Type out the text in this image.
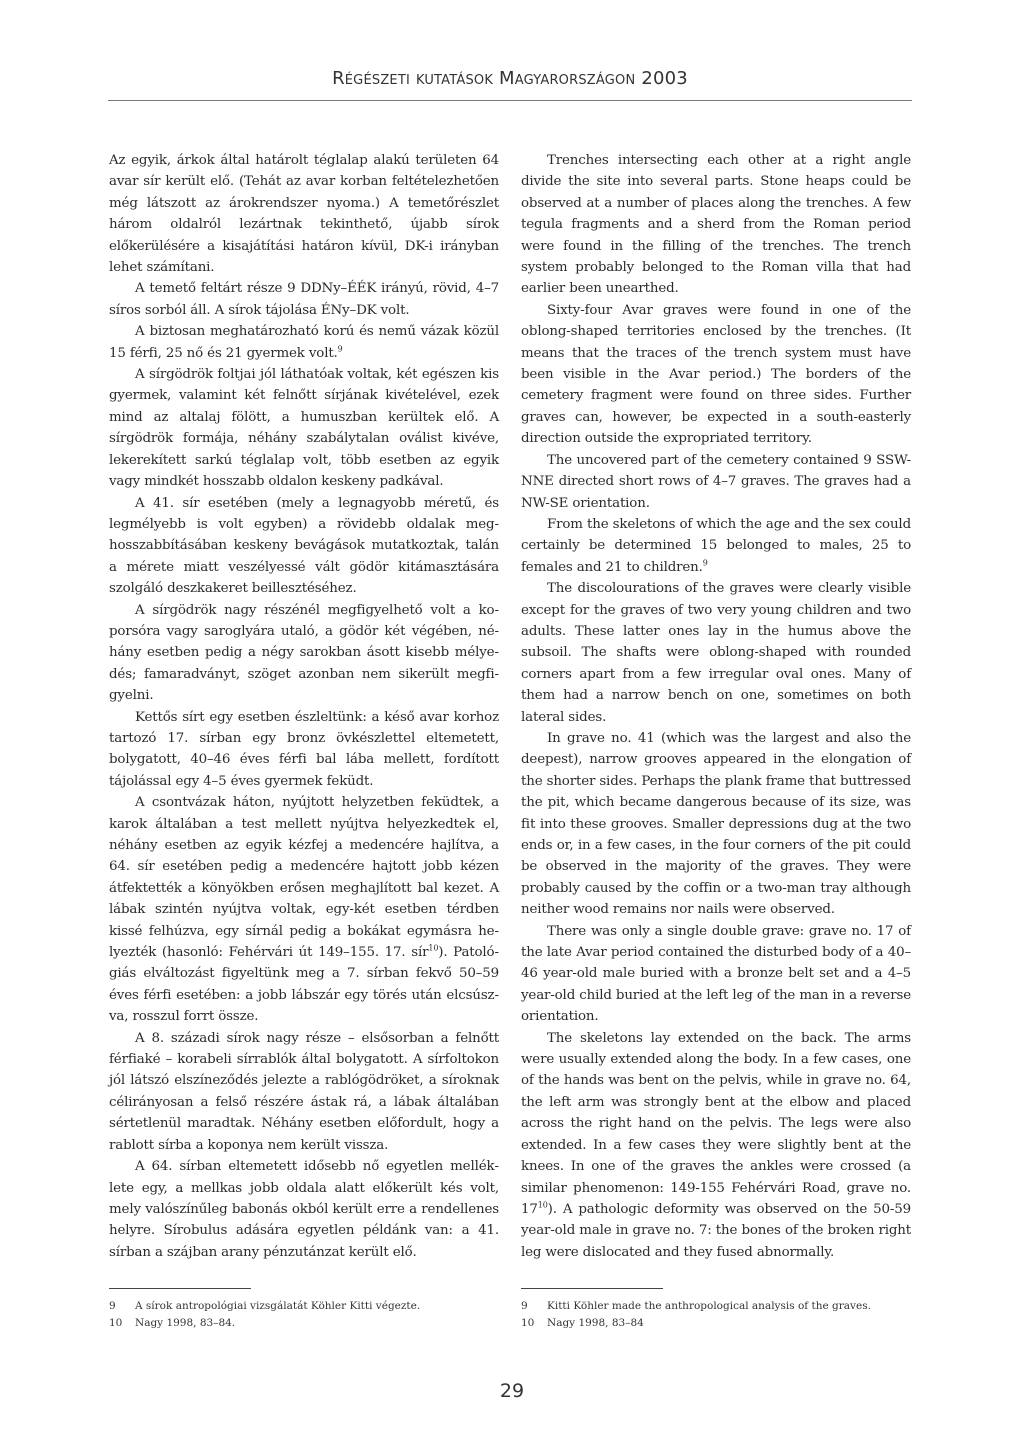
Régészeti kutatások Magyarországon 2003

Az egyik, árkok által határolt téglalap alakú területen 64 avar sír került elő. (Tehát az avar korban feltételezhetően még látszott az árokrendszer nyoma.) A temetőrészlet három oldalról lezártnak tekinthető, újabb sírok előkerülésére a kisajátítási határon kívül, DK-i irányban lehet számítani.

A temető feltárt része 9 DDNy–ÉÉK irányú, rövid, 4–7 síros sorból áll. A sírok tájolása ÉNy–DK volt.

A biztosan meghatározható korú és nemű vázak közül 15 férfi, 25 nő és 21 gyermek volt.$^9$

A sírgödrök foltjai jól láthatóak voltak, két egészen kis gyermek, valamint két felnőtt sírjának kivételével, ezek mind az altalaj fölött, a humuszban kerültek elő. A sírgödrök formája, néhány szabálytalan oválist kivéve, lekerekített sarkú téglalap volt, több esetben az egyik vagy mindkét hosszabb oldalon keskeny padkával.

A 41. sír esetében (mely a legnagyobb méretű, és legmélyebb is volt egyben) a rövidebb oldalak meghosszabbításában keskeny bevágások mutatkoztak, talán a mérete miatt veszélyessé vált gödör kitámasztására szolgáló deszkakeret beillesztéséhez.

A sírgödrök nagy részénél megfigyelhető volt a koporsóra vagy saroglyára utaló, a gödör két végében, néhány esetben pedig a négy sarokban ásott kisebb mélyedés; famaradványt, szöget azonban nem sikerült megfigyelni.

Kettős sírt egy esetben észleltünk: a késő avar korhoz tartozó 17. sírban egy bronz övkészlettel eltemetett, bolygatott, 40–46 éves férfi bal lába mellett, fordított tájolással egy 4–5 éves gyermek feküdt.

A csontvázak háton, nyújtott helyzetben feküdtek, a karok általában a test mellett nyújtva helyezkedtek el, néhány esetben az egyik kézfej a medencére hajlítva, a 64. sír esetében pedig a medencére hajtott jobb kézen átfektették a könyökben erősen meghajlított bal kezet. A lábak szintén nyújtva voltak, egy-két esetben térdben kissé felhúzva, egy sírnál pedig a bokákat egymásra helyezték (hasonló: Fehérvári út 149–155. 17. sír$^{10}$). Patológiás elváltozást figyeltünk meg a 7. sírban fekvő 50–59 éves férfi esetében: a jobb lábszár egy törés után elcsúszva, rosszul forrt össze.

A 8. századi sírok nagy része – elsősorban a felnőtt férfiaké – korabeli sírrablók által bolygatott. A sírfoltokon jól látszó elszíneződés jelezte a rablógödröket, a síroknak célirányosan a felső részére ástak rá, a lábak általában sértetlenül maradtak. Néhány esetben előfordult, hogy a rablott sírba a koponya nem került vissza.

A 64. sírban eltemetett idősebb nő egyetlen melléklete egy, a mellkas jobb oldala alatt előkerült kés volt, mely valószínűleg babonás okból került erre a rendellenes helyre. Sírobulus adására egyetlen példánk van: a 41. sírban a szájban arany pénzutánzat került elő.

Trenches intersecting each other at a right angle divide the site into several parts. Stone heaps could be observed at a number of places along the trenches. A few tegula fragments and a sherd from the Roman period were found in the filling of the trenches. The trench system probably belonged to the Roman villa that had earlier been unearthed.

Sixty-four Avar graves were found in one of the oblong-shaped territories enclosed by the trenches. (It means that the traces of the trench system must have been visible in the Avar period.) The borders of the cemetery fragment were found on three sides. Further graves can, however, be expected in a south-easterly direction outside the expropriated territory.

The uncovered part of the cemetery contained 9 SSW-NNE directed short rows of 4–7 graves. The graves had a NW-SE orientation.

From the skeletons of which the age and the sex could certainly be determined 15 belonged to males, 25 to females and 21 to children.$^9$

The discolourations of the graves were clearly visible except for the graves of two very young children and two adults. These latter ones lay in the humus above the subsoil. The shafts were oblong-shaped with rounded corners apart from a few irregular oval ones. Many of them had a narrow bench on one, sometimes on both lateral sides.

In grave no. 41 (which was the largest and also the deepest), narrow grooves appeared in the elongation of the shorter sides. Perhaps the plank frame that buttressed the pit, which became dangerous because of its size, was fit into these grooves. Smaller depressions dug at the two ends or, in a few cases, in the four corners of the pit could be observed in the majority of the graves. They were probably caused by the coffin or a two-man tray although neither wood remains nor nails were observed.

There was only a single double grave: grave no. 17 of the late Avar period contained the disturbed body of a 40–46 year-old male buried with a bronze belt set and a 4–5 year-old child buried at the left leg of the man in a reverse orientation.

The skeletons lay extended on the back. The arms were usually extended along the body. In a few cases, one of the hands was bent on the pelvis, while in grave no. 64, the left arm was strongly bent at the elbow and placed across the right hand on the pelvis. The legs were also extended. In a few cases they were slightly bent at the knees. In one of the graves the ankles were crossed (a similar phenomenon: 149-155 Fehérvári Road, grave no. $17^{10}$). A pathologic deformity was observed on the 50-59 year-old male in grave no. 7: the bones of the broken right leg were dislocated and they fused abnormally.

9	A sírok antropológiai vizsgálatát Köhler Kitti végezte.
10	Nagy 1998, 83–84.
9	Kitti Köhler made the anthropological analysis of the graves.
10	Nagy 1998, 83–84
29
